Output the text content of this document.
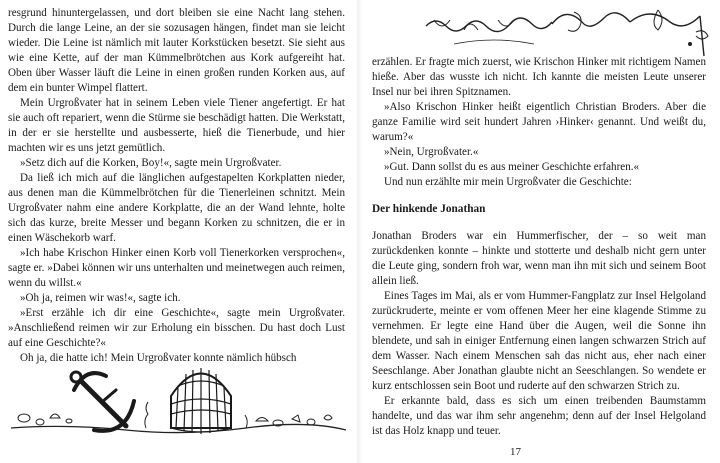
resgrund hinuntergelassen, und dort bleiben sie eine Nacht lang stehen. Durch die lange Leine, an der sie sozusagen hängen, findet man sie leicht wieder. Die Leine ist nämlich mit lauter Korkstücken besetzt. Sie sieht aus wie eine Kette, auf der man Kümmelbrötchen aus Kork aufgereiht hat. Oben über Wasser läuft die Leine in einen großen runden Korken aus, auf dem ein bunter Wimpel flattert.

Mein Urgroßvater hat in seinem Leben viele Tiener angefertigt. Er hat sie auch oft repariert, wenn die Stürme sie beschädigt hatten. Die Werkstatt, in der er sie herstellte und ausbesserte, hieß die Tienerbude, und hier machten wir es uns jetzt gemütlich.

»Setz dich auf die Korken, Boy!«, sagte mein Urgroßvater.

Da ließ ich mich auf die länglichen aufgestapelten Korkplatten nieder, aus denen man die Kümmelbrötchen für die Tienerleinen schnitzt. Mein Urgroßvater nahm eine andere Korkplatte, die an der Wand lehnte, holte sich das kurze, breite Messer und begann Korken zu schnitzen, die er in einen Wäschekorb warf.

»Ich habe Krischon Hinker einen Korb voll Tienerkorken versprochen«, sagte er. »Dabei können wir uns unterhalten und meinetwegen auch reimen, wenn du willst.«

»Oh ja, reimen wir was!«, sagte ich.

»Erst erzähle ich dir eine Geschichte«, sagte mein Urgroßvater. »Anschließend reimen wir zur Erholung ein bisschen. Du hast doch Lust auf eine Geschichte?«

Oh ja, die hatte ich! Mein Urgroßvater konnte nämlich hübsch

erzählen. Er fragte mich zuerst, wie Krischon Hinker mit richtigem Namen hieße. Aber das wusste ich nicht. Ich kannte die meisten Leute unserer Insel nur bei ihren Spitznamen.

»Also Krischon Hinker heißt eigentlich Christian Broders. Aber die ganze Familie wird seit hundert Jahren ›Hinker‹ genannt. Und weißt du, warum?«

»Nein, Urgroßvater.«

»Gut. Dann sollst du es aus meiner Geschichte erfahren.«

Und nun erzählte mir mein Urgroßvater die Geschichte:

Der hinkende Jonathan

Jonathan Broders war ein Hummerfischer, der – so weit man zurückdenken konnte – hinkte und stotterte und deshalb nicht gern unter die Leute ging, sondern froh war, wenn man ihn mit sich und seinem Boot allein ließ.

Eines Tages im Mai, als er vom Hummer-Fangplatz zur Insel Helgoland zurückruderte, meinte er vom offenen Meer her eine klagende Stimme zu vernehmen. Er legte eine Hand über die Augen, weil die Sonne ihn blendete, und sah in einiger Entfernung einen langen schwarzen Strich auf dem Wasser. Nach einem Menschen sah das nicht aus, eher nach einer Seeschlange. Aber Jonathan glaubte nicht an Seeschlangen. So wendete er kurz entschlossen sein Boot und ruderte auf den schwarzen Strich zu.

Er erkannte bald, dass es sich um einen treibenden Baumstamm handelte, und das war ihm sehr angenehm; denn auf der Insel Helgoland ist das Holz knapp und teuer.

17
